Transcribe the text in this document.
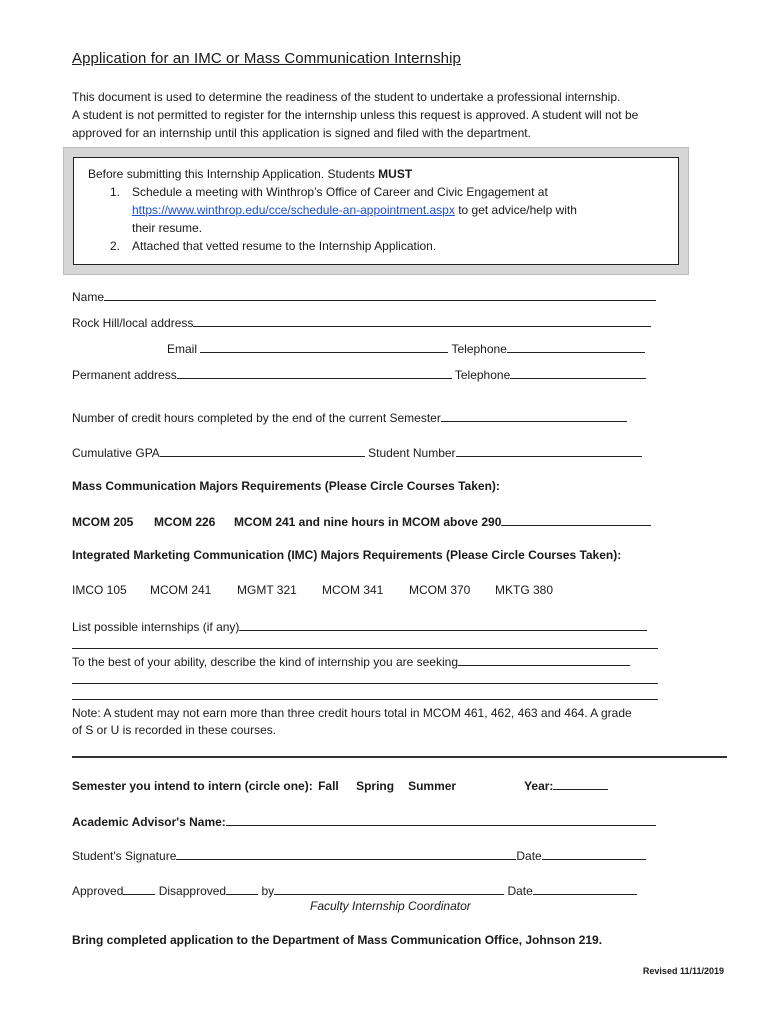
Application for an IMC or Mass Communication Internship
This document is used to determine the readiness of the student to undertake a professional internship.
A student is not permitted to register for the internship unless this request is approved. A student will not be
approved for an internship until this application is signed and filed with the department.
Before submitting this Internship Application. Students MUST
1. Schedule a meeting with Winthrop’s Office of Career and Civic Engagement at
https://www.winthrop.edu/cce/schedule-an-appointment.aspx to get advice/help with
their resume.
2. Attached that vetted resume to the Internship Application.
Name
Rock Hill/local address
Email	Telephone
Permanent address	Telephone
Number of credit hours completed by the end of the current Semester
Cumulative GPA	Student Number
Mass Communication Majors Requirements (Please Circle Courses Taken):
MCOM 205 MCOM 226 MCOM 241 and nine hours in MCOM above 290
Integrated Marketing Communication (IMC) Majors Requirements (Please Circle Courses Taken):
IMCO 105 MCOM 241 MGMT 321 MCOM 341 MCOM 370 MKTG 380
List possible internships (if any)
To the best of your ability, describe the kind of internship you are seeking
Note: A student may not earn more than three credit hours total in MCOM 461, 462, 463 and 464. A grade
of S or U is recorded in these courses.
Semester you intend to intern (circle one): Fall Spring Summer	Year:
Academic Advisor's Name:
Student's Signature	Date
Approved	Disapproved	by	Date
Faculty Internship Coordinator
Bring completed application to the Department of Mass Communication Office, Johnson 219.
Revised 11/11/2019
